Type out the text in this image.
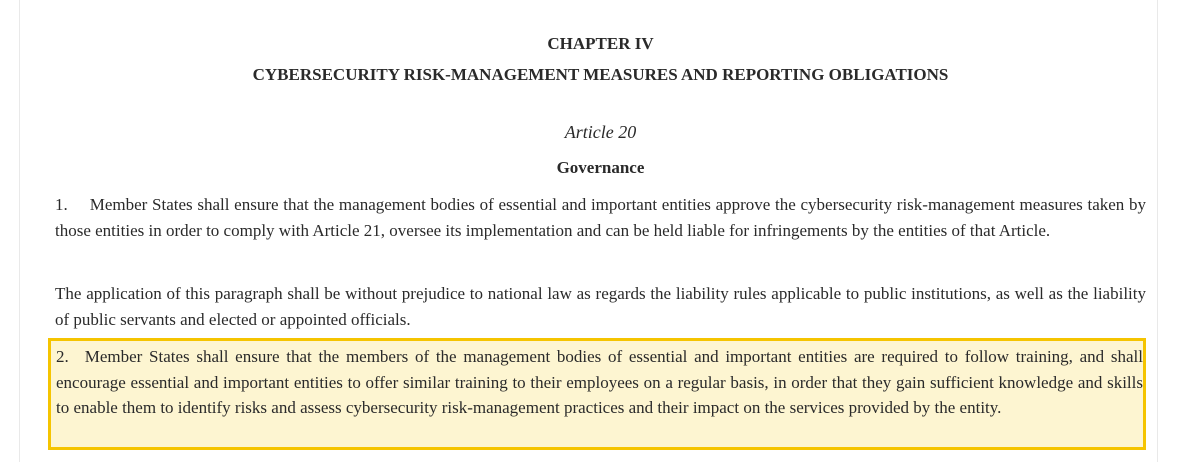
CHAPTER IV

CYBERSECURITY RISK-MANAGEMENT MEASURES AND REPORTING OBLIGATIONS

Article 20

Governance

1. Member States shall ensure that the management bodies of essential and important entities approve the cybersecurity risk-management measures taken by those entities in order to comply with Article 21, oversee its implementation and can be held liable for infringements by the entities of that Article.

The application of this paragraph shall be without prejudice to national law as regards the liability rules applicable to public institutions, as well as the liability of public servants and elected or appointed officials.

2. Member States shall ensure that the members of the management bodies of essential and important entities are required to follow training, and shall encourage essential and important entities to offer similar training to their employees on a regular basis, in order that they gain sufficient knowledge and skills to enable them to identify risks and assess cybersecurity risk-management practices and their impact on the services provided by the entity.
